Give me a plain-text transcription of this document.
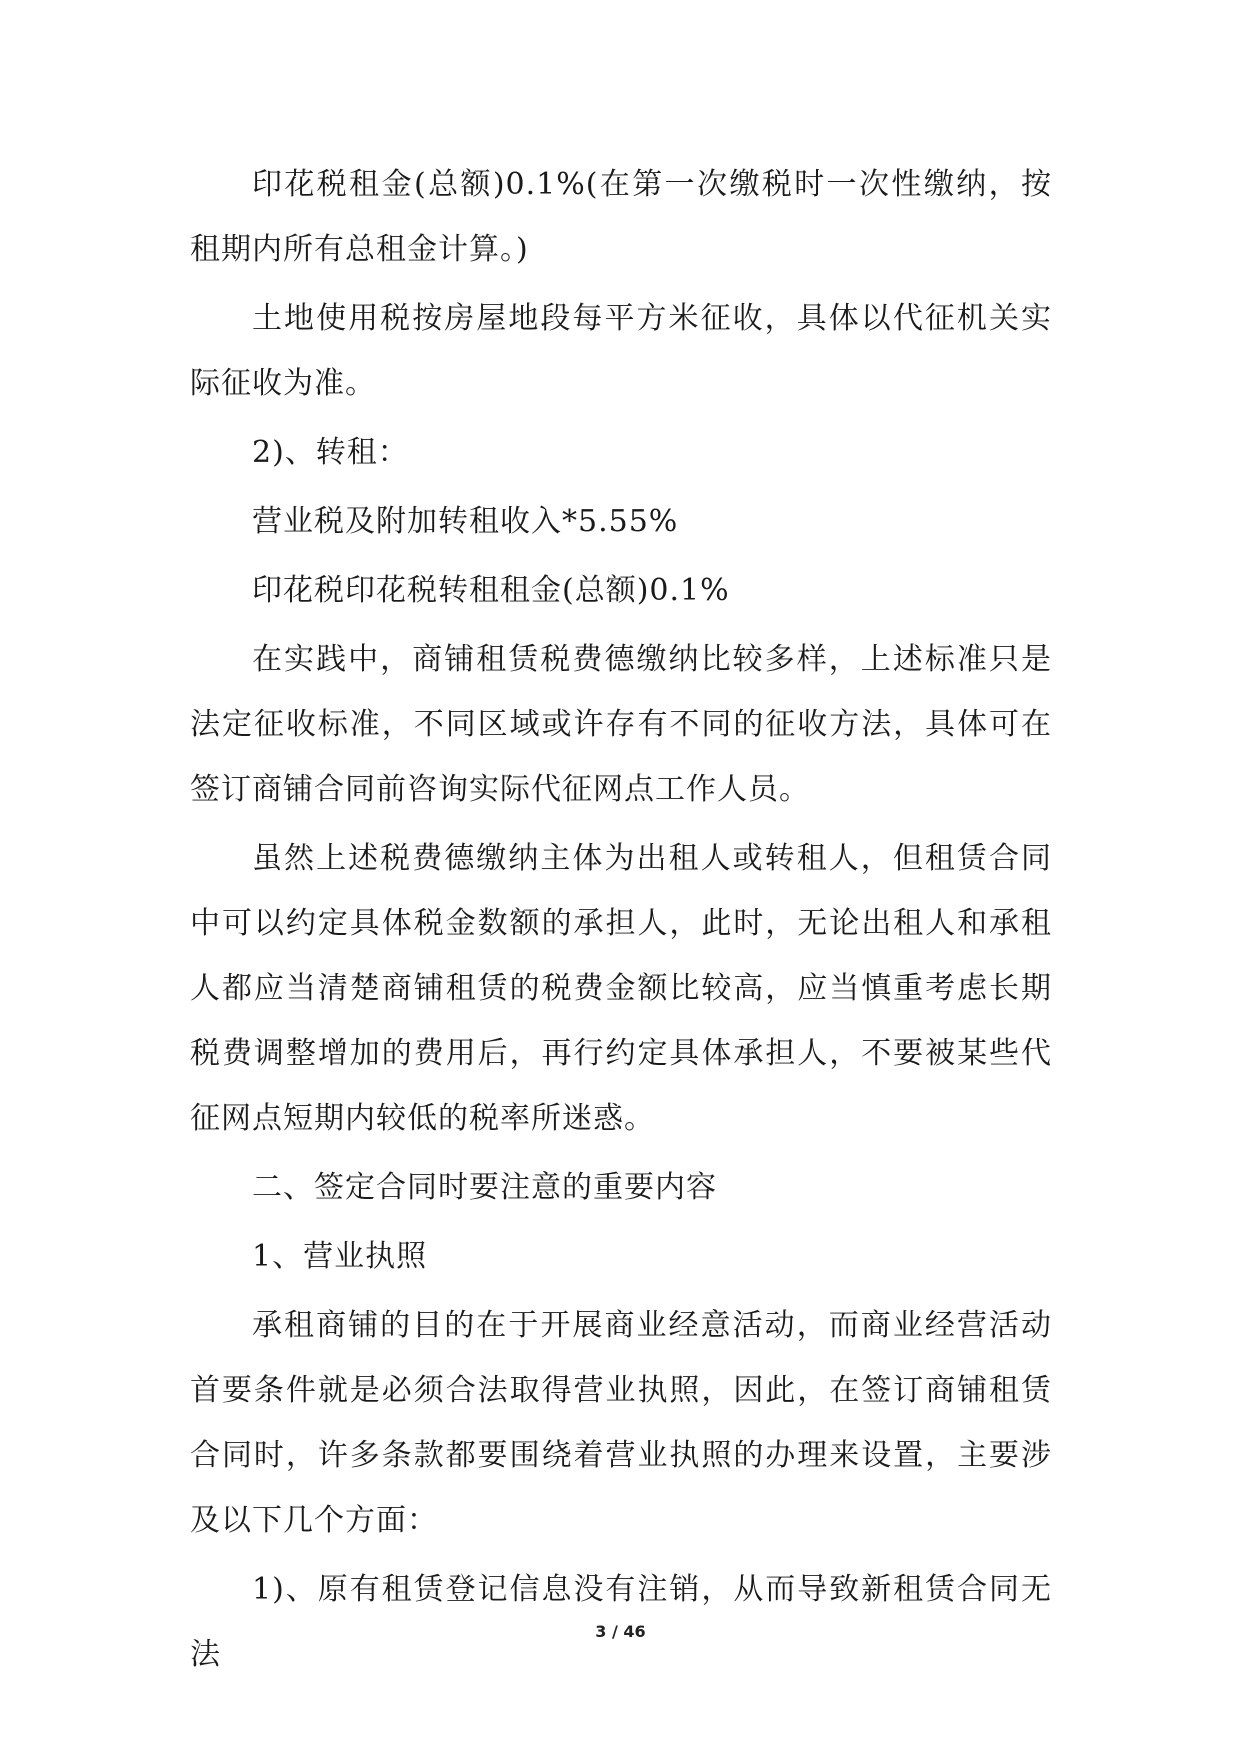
印花税租金(总额)0.1%(在第一次缴税时一次性缴纳，按租期内所有总租金计算。)

土地使用税按房屋地段每平方米征收，具体以代征机关实际征收为准。

2)、转租：

营业税及附加转租收入*5.55%

印花税印花税转租租金(总额)0.1%

在实践中，商铺租赁税费德缴纳比较多样，上述标准只是法定征收标准，不同区域或许存有不同的征收方法，具体可在签订商铺合同前咨询实际代征网点工作人员。

虽然上述税费德缴纳主体为出租人或转租人，但租赁合同中可以约定具体税金数额的承担人，此时，无论出租人和承租人都应当清楚商铺租赁的税费金额比较高，应当慎重考虑长期税费调整增加的费用后，再行约定具体承担人，不要被某些代征网点短期内较低的税率所迷惑。

二、签定合同时要注意的重要内容

1、营业执照

承租商铺的目的在于开展商业经意活动，而商业经营活动首要条件就是必须合法取得营业执照，因此，在签订商铺租赁合同时，许多条款都要围绕着营业执照的办理来设置，主要涉及以下几个方面：

1)、原有租赁登记信息没有注销，从而导致新租赁合同无法

3 / 46
